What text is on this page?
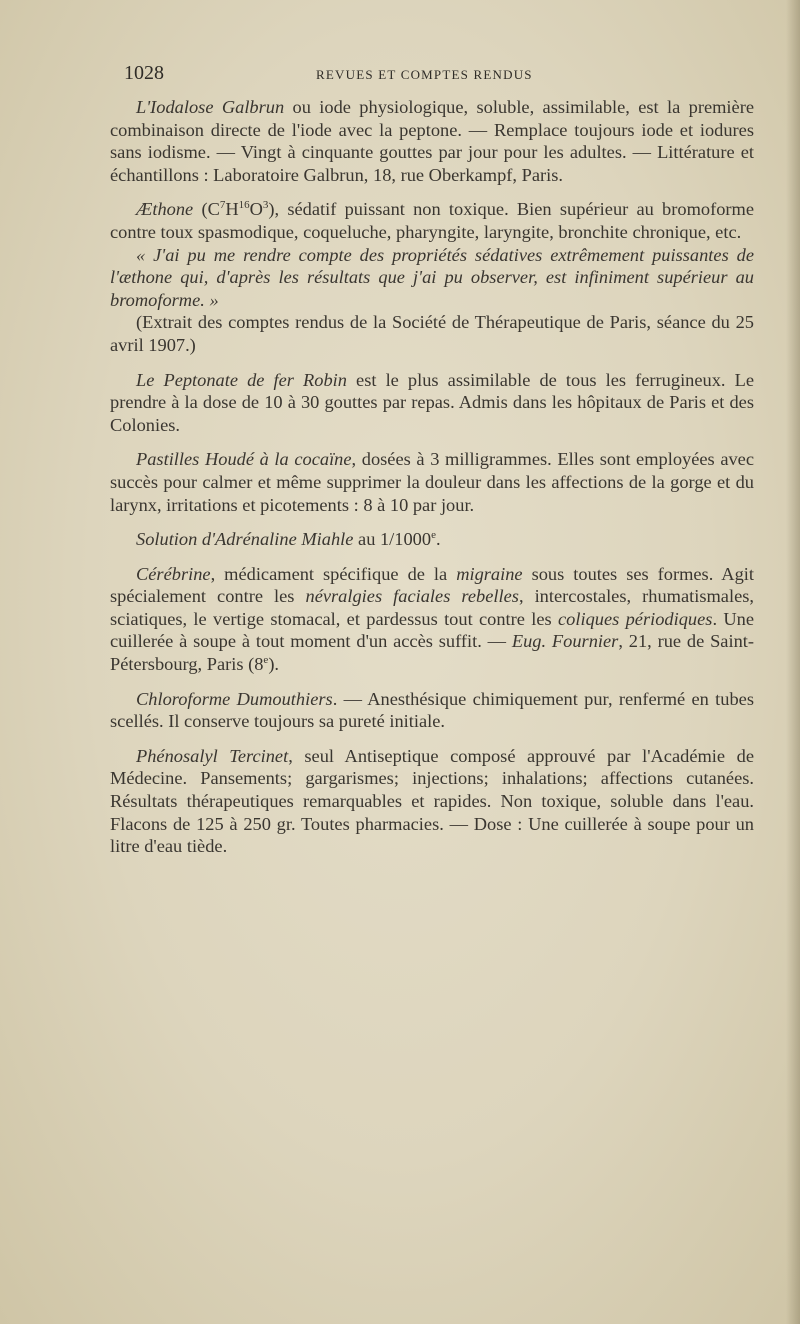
1028	REVUES ET COMPTES RENDUS

L'Iodalose Galbrun ou iode physiologique, soluble, assimilable, est la première combinaison directe de l'iode avec la peptone. — Remplace toujours iode et iodures sans iodisme. — Vingt à cinquante gouttes par jour pour les adultes. — Littérature et échantillons : Laboratoire Galbrun, 18, rue Oberkampf, Paris.

Æthone $(C^7H^{16}O^3)$, sédatif puissant non toxique. Bien supérieur au bromoforme contre toux spasmodique, coqueluche, pharyngite, laryngite, bronchite chronique, etc.

« J'ai pu me rendre compte des propriétés sédatives extrêmement puissantes de l'æthone qui, d'après les résultats que j'ai pu observer, est infiniment supérieur au bromoforme. »

(Extrait des comptes rendus de la Société de Thérapeutique de Paris, séance du 25 avril 1907.)

Le Peptonate de fer Robin est le plus assimilable de tous les ferrugineux. Le prendre à la dose de 10 à 30 gouttes par repas. Admis dans les hôpitaux de Paris et des Colonies.

Pastilles Houdé à la cocaïne, dosées à 3 milligrammes. Elles sont employées avec succès pour calmer et même supprimer la douleur dans les affections de la gorge et du larynx, irritations et picotements : 8 à 10 par jour.

Solution d'Adrénaline Miahle au 1/1000e.

Cérébrine, médicament spécifique de la migraine sous toutes ses formes. Agit spécialement contre les névralgies faciales rebelles, intercostales, rhumatismales, sciatiques, le vertige stomacal, et pardessus tout contre les coliques périodiques. Une cuillerée à soupe à tout moment d'un accès suffit. — Eug. Fournier, 21, rue de Saint-Pétersbourg, Paris (8e).

Chloroforme Dumouthiers. — Anesthésique chimiquement pur, renfermé en tubes scellés. Il conserve toujours sa pureté initiale.

Phénosalyl Tercinet, seul Antiseptique composé approuvé par l'Académie de Médecine. Pansements; gargarismes; injections; inhalations; affections cutanées. Résultats thérapeutiques remarquables et rapides. Non toxique, soluble dans l'eau. Flacons de 125 à 250 gr. Toutes pharmacies. — Dose : Une cuillerée à soupe pour un litre d'eau tiède.
